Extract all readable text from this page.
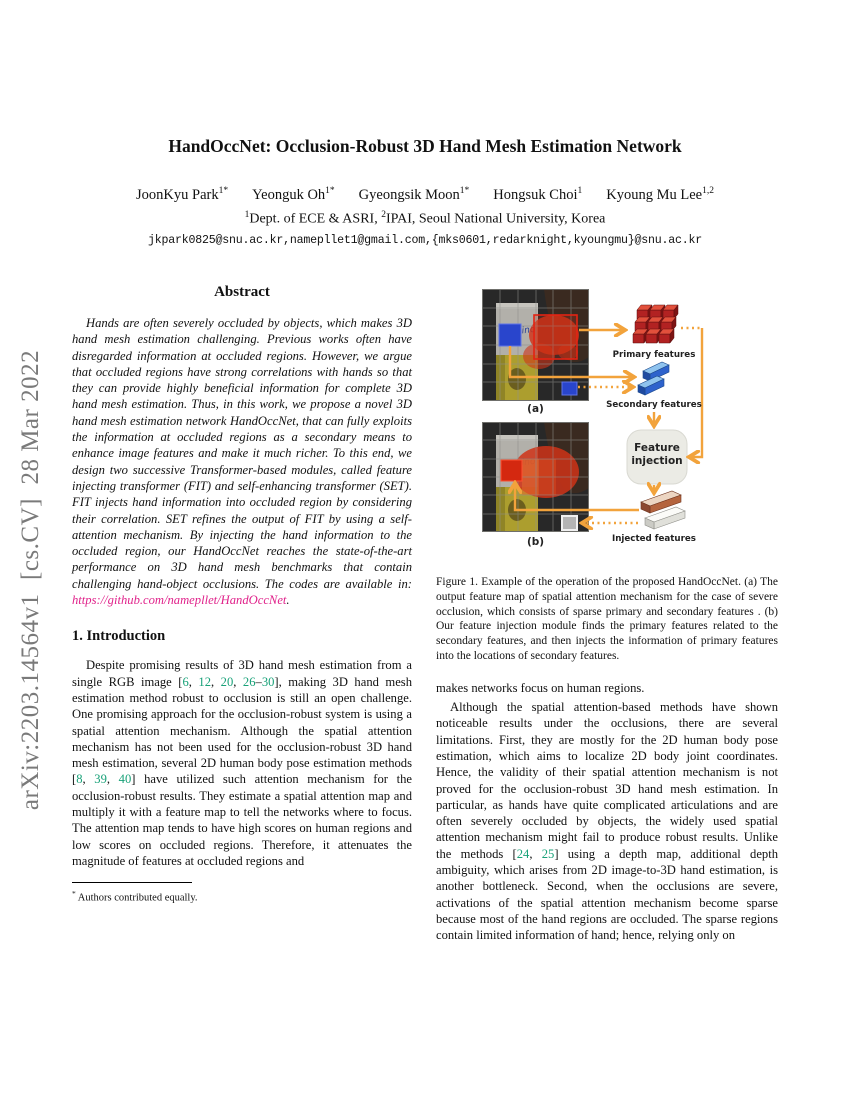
arXiv:2203.14564v1  [cs.CV]  28 Mar 2022
HandOccNet: Occlusion-Robust 3D Hand Mesh Estimation Network
JoonKyu Park$^{1*}$ Yeonguk $Oh^{1*}$ Gyeongsik Moon$^{1*}$ Hongsuk Choi$^1$ Kyoung Mu Lee$^{1,2}$
$^1$Dept. of ECE & ASRI, $^2$IPAI, Seoul National University, Korea
jkpark0825@snu.ac.kr,namepllet1@gmail.com,{mks0601,redarknight,kyoungmu}@snu.ac.kr
Abstract

Hands are often severely occluded by objects, which makes 3D hand mesh estimation challenging. Previous works often have disregarded information at occluded regions. However, we argue that occluded regions have strong correlations with hands so that they can provide highly beneficial information for complete 3D hand mesh estimation. Thus, in this work, we propose a novel 3D hand mesh estimation network HandOccNet, that can fully exploits the information at occluded regions as a secondary means to enhance image features and make it much richer. To this end, we design two successive Transformer-based modules, called feature injecting transformer (FIT) and self-enhancing transformer (SET). FIT injects hand information into occluded region by considering their correlation. SET refines the output of FIT by using a self-attention mechanism. By injecting the hand information to the occluded region, our HandOccNet reaches the state-of-the-art performance on 3D hand mesh benchmarks that contain challenging hand-object occlusions. The codes are available in: https://github.com/namepllet/HandOccNet.

1. Introduction

Despite promising results of 3D hand mesh estimation from a single RGB image [6, 12, 20, 26–30], making 3D hand mesh estimation method robust to occlusion is still an open challenge. One promising approach for the occlusion-robust system is using a spatial attention mechanism. Although the spatial attention mechanism has not been used for the occlusion-robust 3D hand mesh estimation, several 2D human body pose estimation methods [8, 39, 40] have utilized such attention mechanism for the occlusion-robust results. They estimate a spatial attention map and multiply it with a feature map to tell the networks where to focus. The attention map tends to have high scores on human regions and low scores on occluded regions. Therefore, it attenuates the magnitude of features at occluded regions and

* Authors contributed equally.
Primary features
Secondary features
Feature injection
Injected features
(a)
(b)
Figure 1. Example of the operation of the proposed HandOccNet. (a) The output feature map of spatial attention mechanism for the case of severe occlusion, which consists of sparse primary and secondary features . (b) Our feature injection module finds the primary features related to the secondary features, and then injects the information of primary features into the locations of secondary features.

makes networks focus on human regions.

Although the spatial attention-based methods have shown noticeable results under the occlusions, there are several limitations. First, they are mostly for the 2D human body pose estimation, which aims to localize 2D body joint coordinates. Hence, the validity of their spatial attention mechanism is not proved for the occlusion-robust 3D hand mesh estimation. In particular, as hands have quite complicated articulations and are often severely occluded by objects, the widely used spatial attention mechanism might fail to produce robust results. Unlike the methods [24, 25] using a depth map, additional depth ambiguity, which arises from 2D image-to-3D hand estimation, is another bottleneck. Second, when the occlusions are severe, activations of the spatial attention mechanism become sparse because most of the hand regions are occluded. The sparse regions contain limited information of hand; hence, relying only on
